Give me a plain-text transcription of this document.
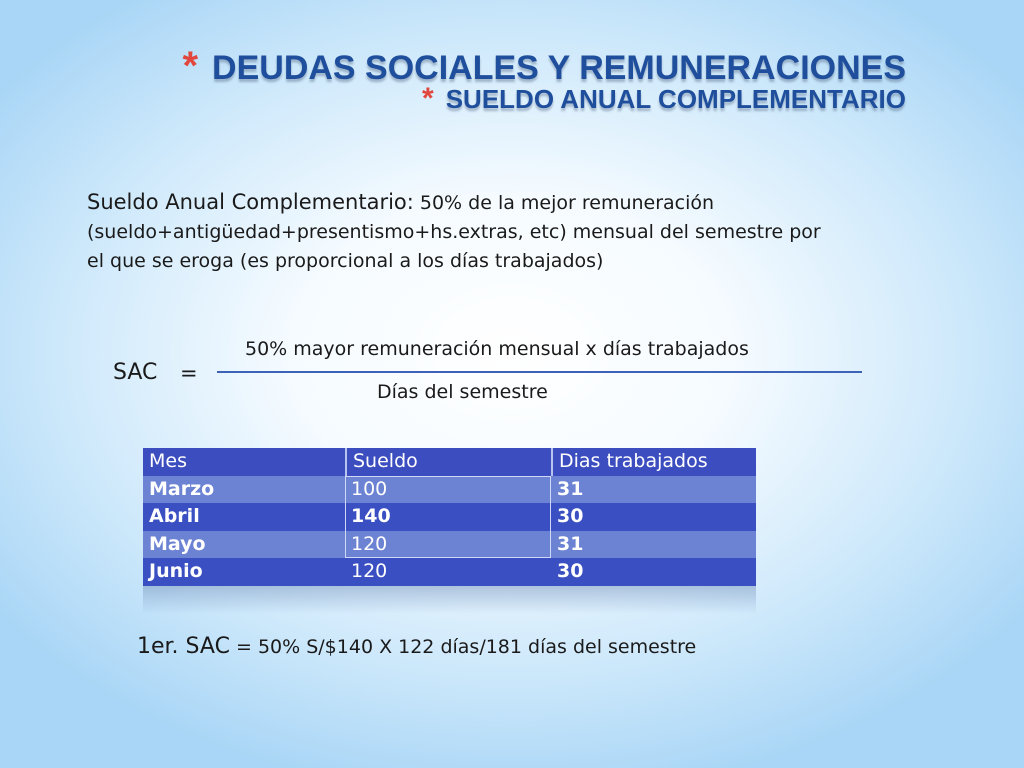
* DEUDAS SOCIALES Y REMUNERACIONES
* SUELDO ANUAL COMPLEMENTARIO
Sueldo Anual Complementario: 50% de la mejor remuneración
(sueldo+antigüedad+presentismo+hs.extras, etc) mensual del semestre por
el que se eroga (es proporcional a los días trabajados)
SAC =
50% mayor remuneración mensual x días trabajados
Días del semestre
Mes	Sueldo	Dias trabajados
Marzo	100	31
Abril	140	30
Mayo	120	31
Junio	120	30
1er. SAC = 50% S/$140 X 122 días/181 días del semestre
